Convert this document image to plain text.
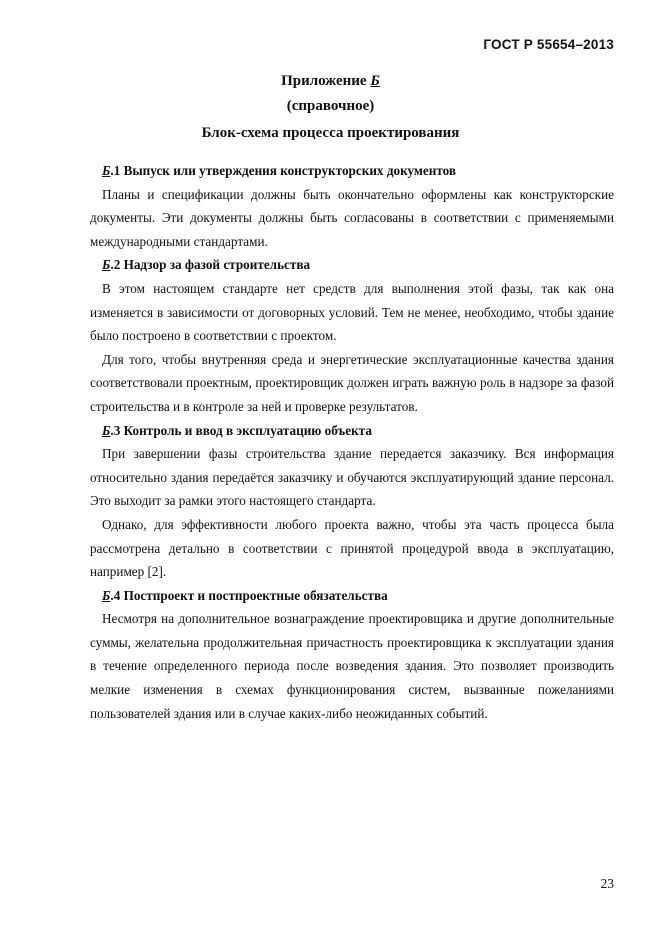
ГОСТ Р 55654–2013
Приложение Б
(справочное)
Блок-схема процесса проектирования

Б.1 Выпуск или утверждения конструкторских документов

Планы и спецификации должны быть окончательно оформлены как конструкторские документы. Эти документы должны быть согласованы в соответствии с применяемыми международными стандартами.

Б.2 Надзор за фазой строительства

В этом настоящем стандарте нет средств для выполнения этой фазы, так как она изменяется в зависимости от договорных условий. Тем не менее, необходимо, чтобы здание было построено в соответствии с проектом.

Для того, чтобы внутренняя среда и энергетические эксплуатационные качества здания соответствовали проектным, проектировщик должен играть важную роль в надзоре за фазой строительства и в контроле за ней и проверке результатов.

Б.3 Контроль и ввод в эксплуатацию объекта

При завершении фазы строительства здание передается заказчику. Вся информация относительно здания передаётся заказчику и обучаются эксплуатирующий здание персонал. Это выходит за рамки этого настоящего стандарта.

Однако, для эффективности любого проекта важно, чтобы эта часть процесса была рассмотрена детально в соответствии с принятой процедурой ввода в эксплуатацию, например [2].

Б.4 Постпроект и постпроектные обязательства

Несмотря на дополнительное вознаграждение проектировщика и другие дополнительные суммы, желательна продолжительная причастность проектировщика к эксплуатации здания в течение определенного периода после возведения здания. Это позволяет производить мелкие изменения в схемах функционирования систем, вызванные пожеланиями пользователей здания или в случае каких-либо неожиданных событий.

23
